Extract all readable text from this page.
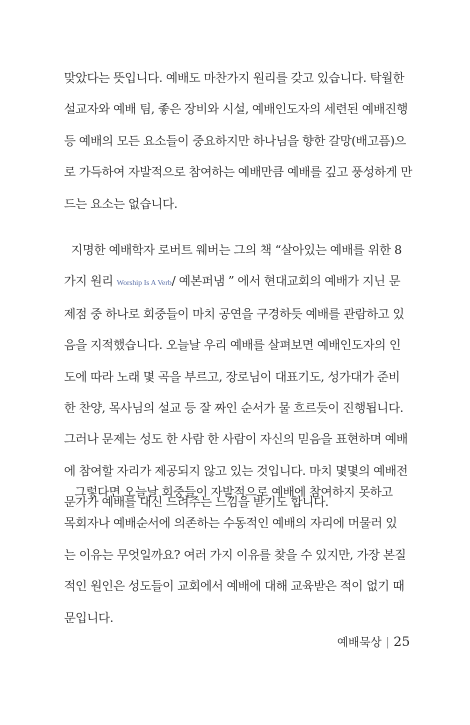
맞았다는 뜻입니다. 예배도 마찬가지 원리를 갖고 있습니다. 탁월한
설교자와 예배 팀, 좋은 장비와 시설, 예배인도자의 세련된 예배진행
등 예배의 모든 요소들이 중요하지만 하나님을 향한 갈망(배고픔)으
로 가득하여 자발적으로 참여하는 예배만큼 예배를 깊고 풍성하게 만
드는 요소는 없습니다.
지명한 예배학자 로버트 웨버는 그의 책 “살아있는 예배를 위한 8
가지 원리 Worship Is A Verb/ 예본퍼냄 ” 에서 현대교회의 예배가 지닌 문
제점 중 하나로 회중들이 마치 공연을 구경하듯 예배를 관람하고 있
음을 지적했습니다. 오늘날 우리 예배를 살펴보면 예배인도자의 인
도에 따라 노래 몇 곡을 부르고, 장로님이 대표기도, 성가대가 준비
한 찬양, 목사님의 설교 등 잘 짜인 순서가 물 흐르듯이 진행됩니다.
그러나 문제는 성도 한 사람 한 사람이 자신의 믿음을 표현하며 예배
에 참여할 자리가 제공되지 않고 있는 것입니다. 마치 몇몇의 예배전
문가가 예배를 대신 드려주는 느낌을 받기도 합니다.
그렇다면 오늘날 회중들이 자발적으로 예배에 참여하지 못하고
목회자나 예배순서에 의존하는 수동적인 예배의 자리에 머물러 있
는 이유는 무엇일까요? 여러 가지 이유를 찾을 수 있지만, 가장 본질
적인 원인은 성도들이 교회에서 예배에 대해 교육받은 적이 없기 때
문입니다.
예배묵상 | 25
